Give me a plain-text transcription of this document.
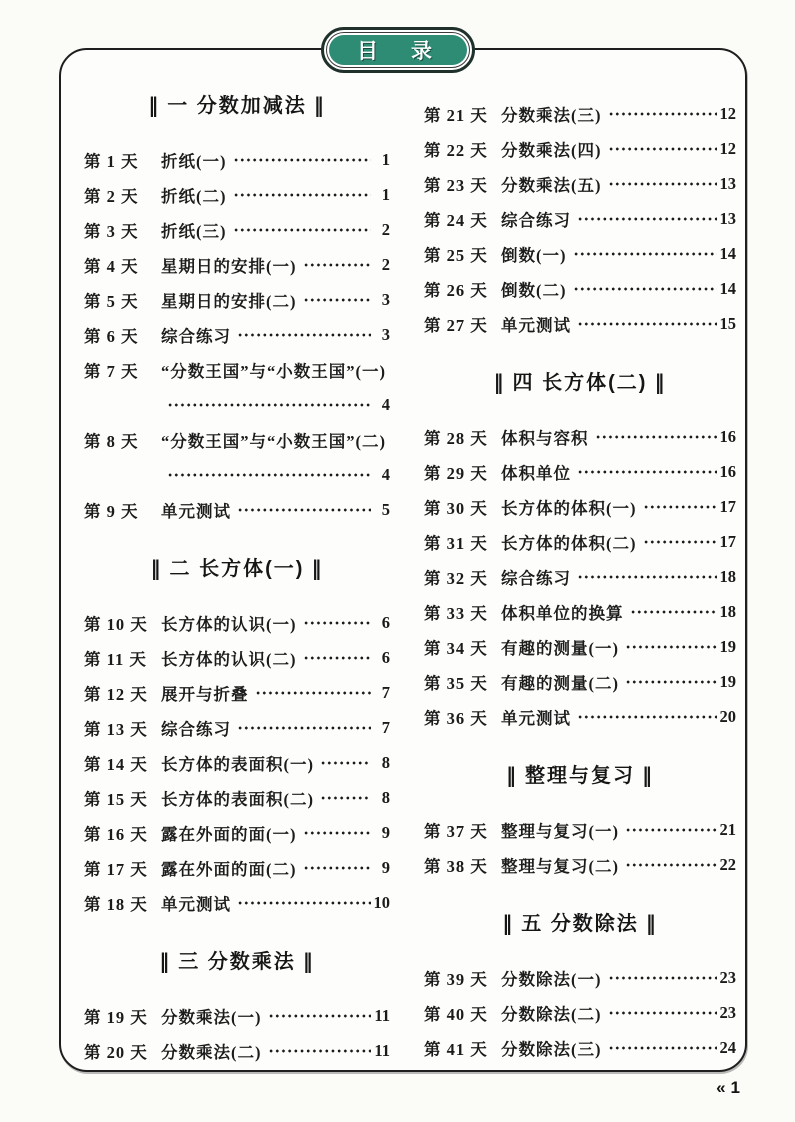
目　录
‖ 一 分数加减法 ‖
第 1 天	折纸(一)	1
第 2 天	折纸(二)	1
第 3 天	折纸(三)	2
第 4 天	星期日的安排(一)	2
第 5 天	星期日的安排(二)	3
第 6 天	综合练习	3
第 7 天	“分数王国”与“小数王国”(一)
4
第 8 天	“分数王国”与“小数王国”(二)
4
第 9 天	单元测试	5
‖ 二 长方体(一) ‖
第 10 天 长方体的认识(一)	6
第 11 天 长方体的认识(二)	6
第 12 天 展开与折叠	7
第 13 天 综合练习	7
第 14 天 长方体的表面积(一)	8
第 15 天 长方体的表面积(二)	8
第 16 天 露在外面的面(一)	9
第 17 天 露在外面的面(二)	9
第 18 天 单元测试	10
‖ 三 分数乘法 ‖
第 19 天 分数乘法(一)	11
第 20 天 分数乘法(二)	11
第 21 天 分数乘法(三)	12
第 22 天 分数乘法(四)	12
第 23 天 分数乘法(五)	13
第 24 天 综合练习	13
第 25 天 倒数(一)	14
第 26 天 倒数(二)	14
第 27 天 单元测试	15
‖ 四 长方体(二) ‖
第 28 天 体积与容积	16
第 29 天 体积单位	16
第 30 天 长方体的体积(一)	17
第 31 天 长方体的体积(二)	17
第 32 天 综合练习	18
第 33 天 体积单位的换算	18
第 34 天 有趣的测量(一)	19
第 35 天 有趣的测量(二)	19
第 36 天 单元测试	20
‖ 整理与复习 ‖
第 37 天 整理与复习(一)	21
第 38 天 整理与复习(二)	22
‖ 五 分数除法 ‖
第 39 天 分数除法(一)	23
第 40 天 分数除法(二)	23
第 41 天 分数除法(三)	24
« 1
